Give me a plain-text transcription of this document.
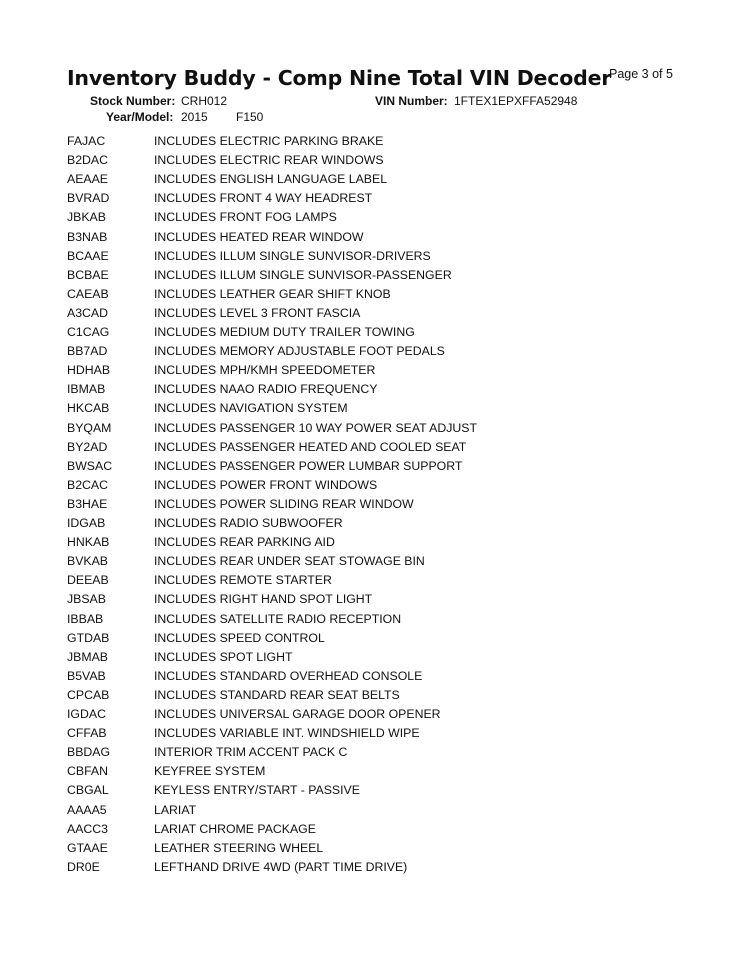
Inventory Buddy - Comp Nine Total VIN Decoder
Page 3 of 5
Stock Number: CRH012	VIN Number: 1FTEX1EPXFFA52948
Year/Model: 2015 F150
FAJAC	INCLUDES ELECTRIC PARKING BRAKE
B2DAC	INCLUDES ELECTRIC REAR WINDOWS
AEAAE	INCLUDES ENGLISH LANGUAGE LABEL
BVRAD	INCLUDES FRONT 4 WAY HEADREST
JBKAB	INCLUDES FRONT FOG LAMPS
B3NAB	INCLUDES HEATED REAR WINDOW
BCAAE	INCLUDES ILLUM SINGLE SUNVISOR-DRIVERS
BCBAE	INCLUDES ILLUM SINGLE SUNVISOR-PASSENGER
CAEAB	INCLUDES LEATHER GEAR SHIFT KNOB
A3CAD	INCLUDES LEVEL 3 FRONT FASCIA
C1CAG	INCLUDES MEDIUM DUTY TRAILER TOWING
BB7AD	INCLUDES MEMORY ADJUSTABLE FOOT PEDALS
HDHAB	INCLUDES MPH/KMH SPEEDOMETER
IBMAB	INCLUDES NAAO RADIO FREQUENCY
HKCAB	INCLUDES NAVIGATION SYSTEM
BYQAM	INCLUDES PASSENGER 10 WAY POWER SEAT ADJUST
BY2AD	INCLUDES PASSENGER HEATED AND COOLED SEAT
BWSAC	INCLUDES PASSENGER POWER LUMBAR SUPPORT
B2CAC	INCLUDES POWER FRONT WINDOWS
B3HAE	INCLUDES POWER SLIDING REAR WINDOW
IDGAB	INCLUDES RADIO SUBWOOFER
HNKAB	INCLUDES REAR PARKING AID
BVKAB	INCLUDES REAR UNDER SEAT STOWAGE BIN
DEEAB	INCLUDES REMOTE STARTER
JBSAB	INCLUDES RIGHT HAND SPOT LIGHT
IBBAB	INCLUDES SATELLITE RADIO RECEPTION
GTDAB	INCLUDES SPEED CONTROL
JBMAB	INCLUDES SPOT LIGHT
B5VAB	INCLUDES STANDARD OVERHEAD CONSOLE
CPCAB	INCLUDES STANDARD REAR SEAT BELTS
IGDAC	INCLUDES UNIVERSAL GARAGE DOOR OPENER
CFFAB	INCLUDES VARIABLE INT. WINDSHIELD WIPE
BBDAG	INTERIOR TRIM ACCENT PACK C
CBFAN	KEYFREE SYSTEM
CBGAL	KEYLESS ENTRY/START - PASSIVE
AAAA5	LARIAT
AACC3	LARIAT CHROME PACKAGE
GTAAE	LEATHER STEERING WHEEL
DR0E	LEFTHAND DRIVE 4WD (PART TIME DRIVE)
